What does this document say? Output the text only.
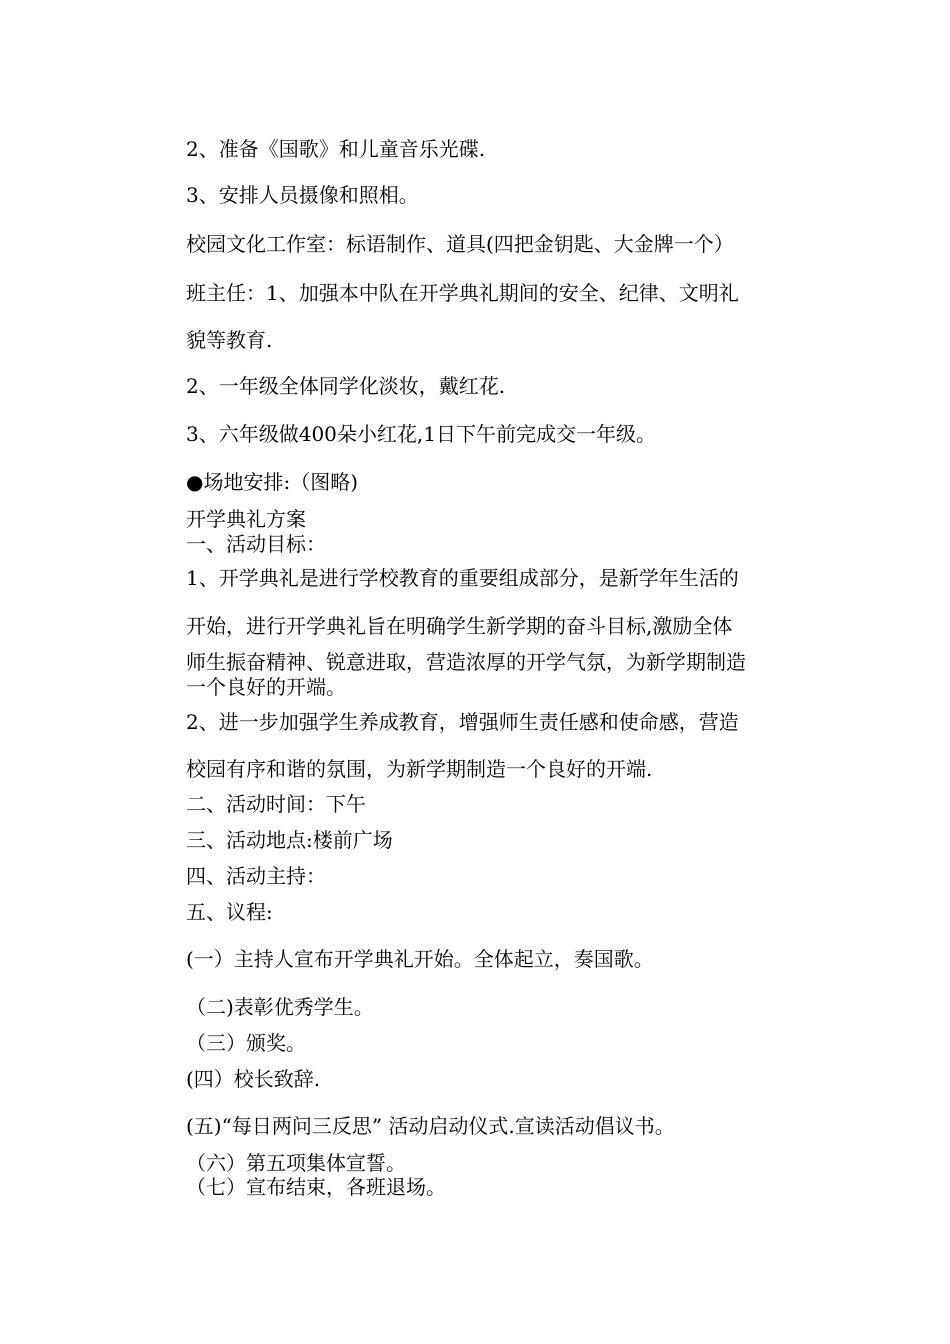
2、准备《国歌》和儿童音乐光碟.
3、安排人员摄像和照相。
校园文化工作室：标语制作、道具(四把金钥匙、大金牌一个）
班主任：1、加强本中队在开学典礼期间的安全、纪律、文明礼
貌等教育.
2、一年级全体同学化淡妆，戴红花.
3、六年级做400朵小红花,1日下午前完成交一年级。
●场地安排:（图略)
开学典礼方案
一、活动目标：
1、开学典礼是进行学校教育的重要组成部分，是新学年生活的
开始，进行开学典礼旨在明确学生新学期的奋斗目标,激励全体
师生振奋精神、锐意进取，营造浓厚的开学气氛，为新学期制造
一个良好的开端。
2、进一步加强学生养成教育，增强师生责任感和使命感，营造
校园有序和谐的氛围，为新学期制造一个良好的开端.
二、活动时间：下午
三、活动地点:楼前广场
四、活动主持：
五、议程:
(一）主持人宣布开学典礼开始。全体起立，奏国歌。
（二)表彰优秀学生。
（三）颁奖。
(四）校长致辞.
(五)“每日两问三反思” 活动启动仪式.宣读活动倡议书。
（六）第五项集体宣誓。
（七）宣布结束，各班退场。
